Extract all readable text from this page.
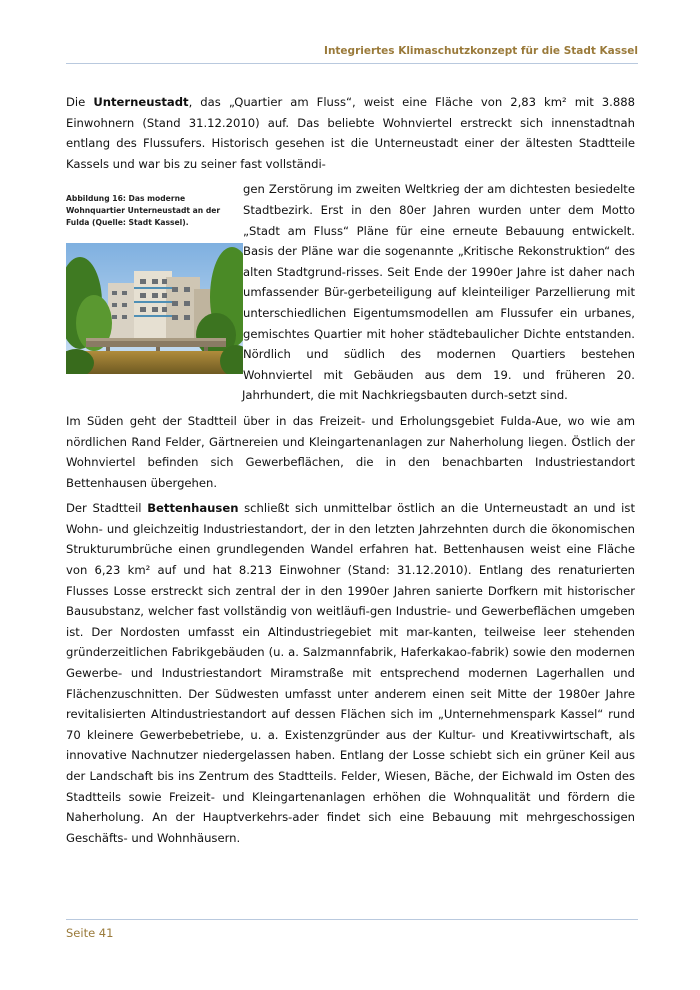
Integriertes Klimaschutzkonzept für die Stadt Kassel

Die Unterneustadt, das „Quartier am Fluss“, weist eine Fläche von 2,83 km² mit 3.888 Einwohnern (Stand 31.12.2010) auf. Das beliebte Wohnviertel erstreckt sich innenstadtnah entlang des Flussufers. Historisch gesehen ist die Unterneustadt einer der ältesten Stadtteile Kassels und war bis zu seiner fast vollständi-

Abbildung 16: Das moderne Wohnquartier Unterneustadt an der Fulda (Quelle: Stadt Kassel).

gen Zerstörung im zweiten Weltkrieg der am dichtesten besiedelte Stadtbezirk. Erst in den 80er Jahren wurden unter dem Motto „Stadt am Fluss“ Pläne für eine erneute Bebauung entwickelt. Basis der Pläne war die sogenannte „Kritische Rekonstruktion“ des alten Stadtgrund-risses. Seit Ende der 1990er Jahre ist daher nach umfassender Bür-gerbeteiligung auf kleinteiliger Parzellierung mit unterschiedlichen Eigentumsmodellen am Flussufer ein urbanes, gemischtes Quartier mit hoher städtebaulicher Dichte entstanden. Nördlich und südlich des modernen Quartiers bestehen Wohnviertel mit Gebäuden aus dem 19. und früheren 20. Jahrhundert, die mit Nachkriegsbauten durch-setzt sind.

Im Süden geht der Stadtteil über in das Freizeit- und Erholungsgebiet Fulda-Aue, wo wie am nördlichen Rand Felder, Gärtnereien und Kleingartenanlagen zur Naherholung liegen. Östlich der Wohnviertel befinden sich Gewerbeflächen, die in den benachbarten Industriestandort Bettenhausen übergehen.

Der Stadtteil Bettenhausen schließt sich unmittelbar östlich an die Unterneustadt an und ist Wohn- und gleichzeitig Industriestandort, der in den letzten Jahrzehnten durch die ökonomischen Strukturumbrüche einen grundlegenden Wandel erfahren hat. Bettenhausen weist eine Fläche von 6,23 km² auf und hat 8.213 Einwohner (Stand: 31.12.2010). Entlang des renaturierten Flusses Losse erstreckt sich zentral der in den 1990er Jahren sanierte Dorfkern mit historischer Bausubstanz, welcher fast vollständig von weitläufi-gen Industrie- und Gewerbeflächen umgeben ist. Der Nordosten umfasst ein Altindustriegebiet mit mar-kanten, teilweise leer stehenden gründerzeitlichen Fabrikgebäuden (u. a. Salzmannfabrik, Haferkakao-fabrik) sowie den modernen Gewerbe- und Industriestandort Miramstraße mit entsprechend modernen Lagerhallen und Flächenzuschnitten. Der Südwesten umfasst unter anderem einen seit Mitte der 1980er Jahre revitalisierten Altindustriestandort auf dessen Flächen sich im „Unternehmenspark Kassel“ rund 70 kleinere Gewerbebetriebe, u. a. Existenzgründer aus der Kultur- und Kreativwirtschaft, als innovative Nachnutzer niedergelassen haben. Entlang der Losse schiebt sich ein grüner Keil aus der Landschaft bis ins Zentrum des Stadtteils. Felder, Wiesen, Bäche, der Eichwald im Osten des Stadtteils sowie Freizeit- und Kleingartenanlagen erhöhen die Wohnqualität und fördern die Naherholung. An der Hauptverkehrs-ader findet sich eine Bebauung mit mehrgeschossigen Geschäfts- und Wohnhäusern.

Seite 41
